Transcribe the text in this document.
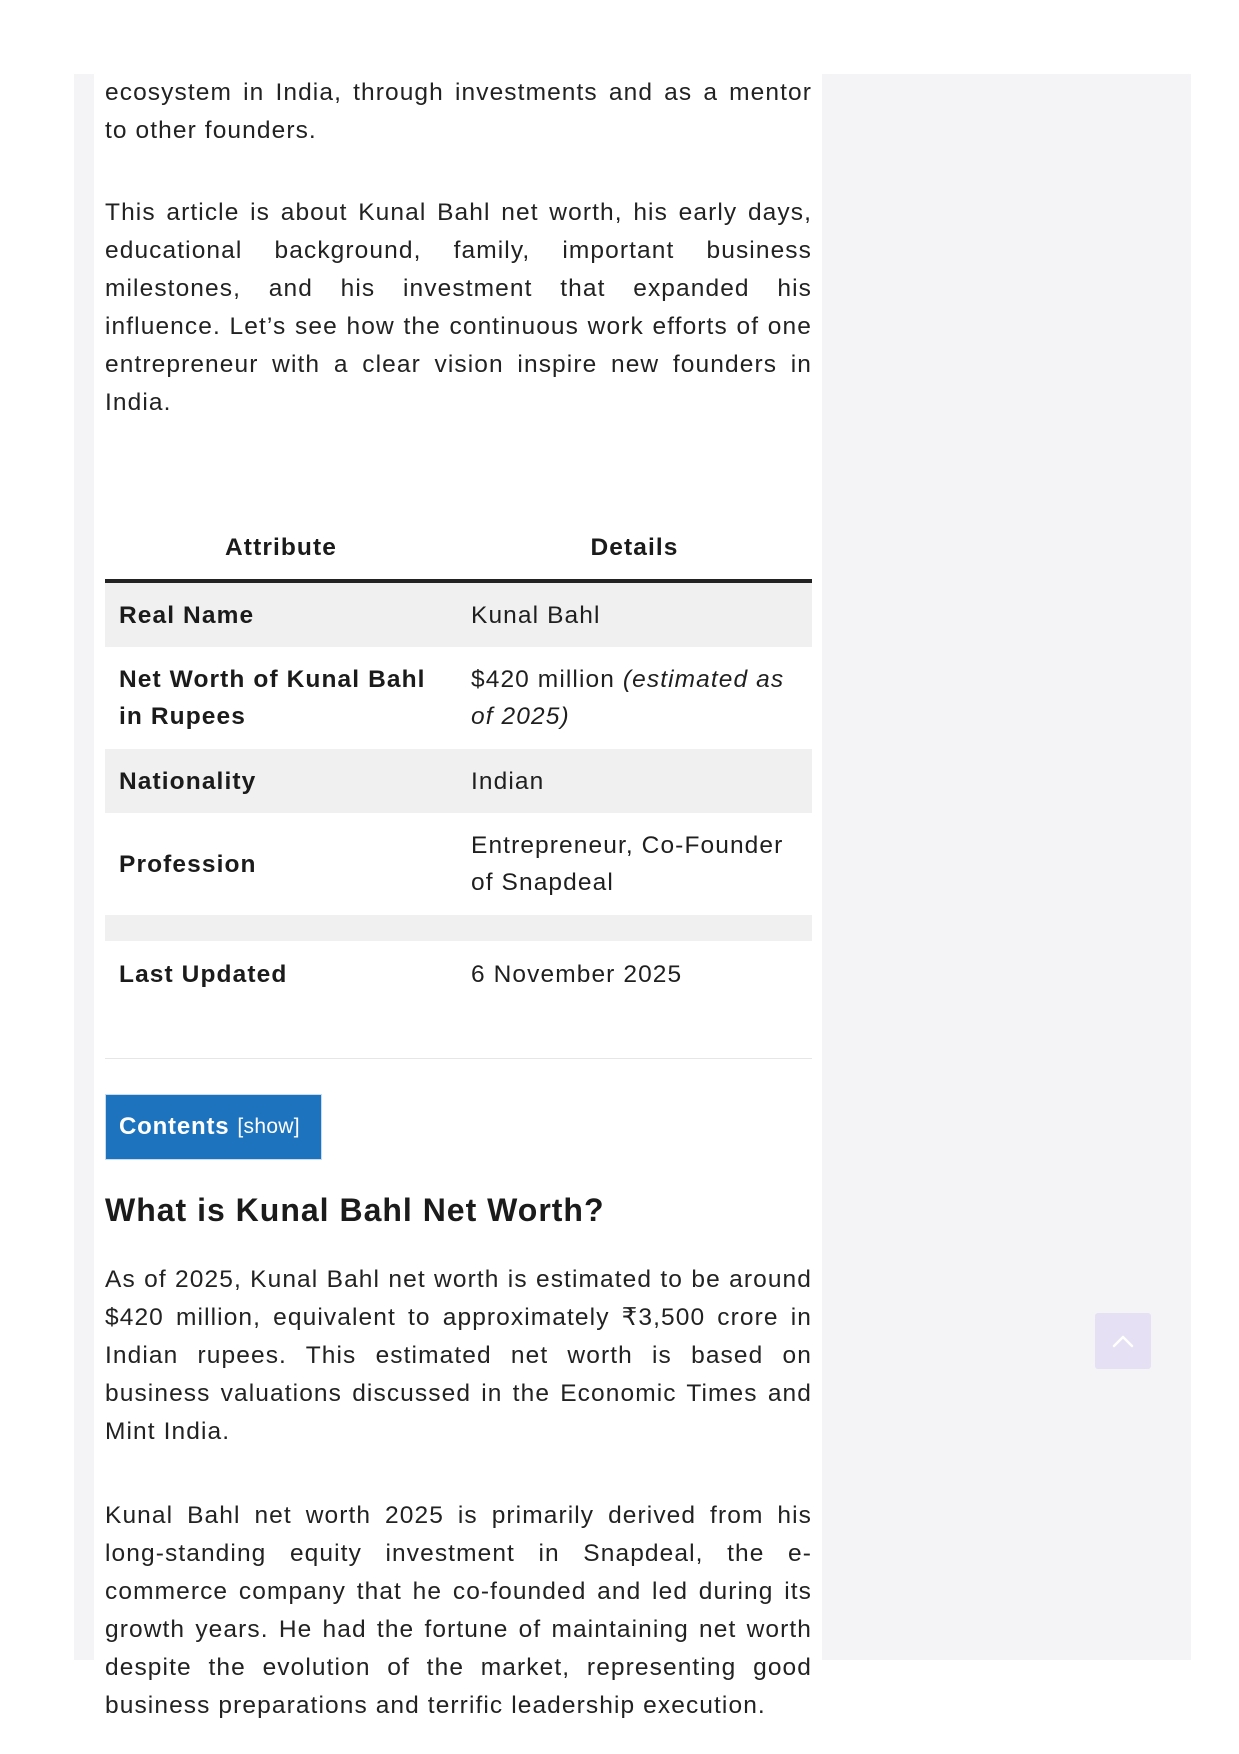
ecosystem in India, through investments and as a mentor to other founders.

This article is about Kunal Bahl net worth, his early days, educational background, family, important business milestones, and his investment that expanded his influence. Let’s see how the continuous work efforts of one entrepreneur with a clear vision inspire new founders in India.

Attribute	Details
Real Name	Kunal Bahl
Net Worth of Kunal Bahl in Rupees	$420 million (estimated as of 2025)
Nationality	Indian
Profession	Entrepreneur, Co-Founder of Snapdeal

Last Updated	6 November 2025
Contents [show]
What is Kunal Bahl Net Worth?

As of 2025, Kunal Bahl net worth is estimated to be around $420 million, equivalent to approximately ₹3,500 crore in Indian rupees. This estimated net worth is based on business valuations discussed in the Economic Times and Mint India.

Kunal Bahl net worth 2025 is primarily derived from his long-standing equity investment in Snapdeal, the e-commerce company that he co-founded and led during its growth years. He had the fortune of maintaining net worth despite the evolution of the market, representing good business preparations and terrific leadership execution.
